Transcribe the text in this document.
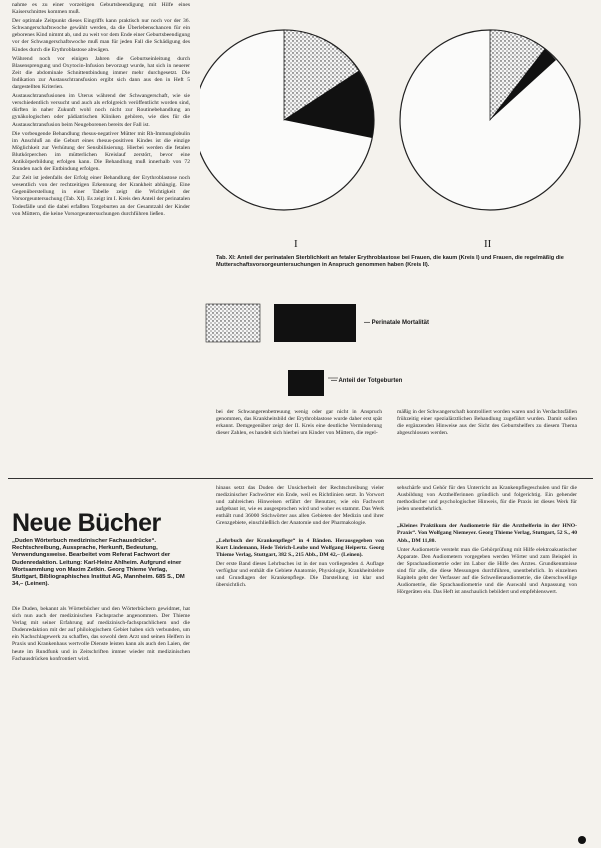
nahme es zu einer vorzeitigen Geburtsbeendigung mit Hilfe eines Kaiserschnittes kommen muß.

Der optimale Zeitpunkt dieses Eingriffs kann praktisch nur noch vor der 36. Schwangerschaftswoche gewählt werden, da die Überlebenschancen für ein geborenes Kind nimmt ab, und zu weit vor dem Ende einer Geburtsbeendigung vor der Schwangerschaftswoche muß man für jeden Fall die Schädigung des Kindes durch die Erythroblastose abwägen.

Während noch vor einigen Jahren die Geburtseinleitung durch Blasensprengung und Oxytocin-Infusion bevorzugt wurde, hat sich in neuerer Zeit die abdominale Schnittentbindung immer mehr durchgesetzt. Die Indikation zur Austauschtransfusion ergibt sich dann aus den in Heft 5 dargestellten Kriterien.

Austauschtransfusionen im Uterus während der Schwangerschaft, wie sie verschiedentlich versucht und auch als erfolgreich veröffentlicht worden sind, dürften in naher Zukunft wohl noch nicht zur Routinebehandlung an gynäkologischen oder pädiatrischen Kliniken gehören, wie dies für die Austauschtransfusion beim Neugeborenen bereits der Fall ist.

Die vorbeugende Behandlung rhesus-negativer Mütter mit Rh-Immunglobulin im Anschluß an die Geburt eines rhesus-positiven Kindes ist die einzige Möglichkeit zur Verhütung der Sensibilisierung. Hierbei werden die fetalen Blutkörperchen im mütterlichen Kreislauf zerstört, bevor eine Antikörperbildung erfolgen kann. Die Behandlung muß innerhalb von 72 Stunden nach der Entbindung erfolgen.

Zur Zeit ist jedenfalls der Erfolg einer Behandlung der Erythroblastose noch wesentlich von der rechtzeitigen Erkennung der Krankheit abhängig. Eine Gegenüberstellung in einer Tabelle zeigt die Wichtigkeit der Vorsorgeuntersuchung (Tab. XI). Es zeigt im I. Kreis den Anteil der perinatalen Todesfälle und die dabei erfaßten Totgeburten an der Gesamtzahl der Kinder von Müttern, die keine Vorsorgeuntersuchungen durchführen ließen.

I	II
Tab. XI: Anteil der perinatalen Sterblichkeit an fetaler Erythroblastose bei Frauen, die kaum (Kreis I) und Frauen, die regelmäßig die Mutterschaftsvorsorgeuntersuchungen in Anspruch genommen haben (Kreis II).
— Perinatale Mortalität
— Anteil der Totgeburten

bei der Schwangerenbetreuung wenig oder gar nicht in Anspruch genommen, das Krankheitsbild der Erythroblastose wurde daher erst spät erkannt. Demgegenüber zeigt der II. Kreis eine deutliche Verminderung dieser Zahlen, es handelt sich hierbei um Kinder von Müttern, die regel-

mäßig in der Schwangerschaft kontrolliert worden waren und in Verdachtsfällen frühzeitig einer spezialärztlichen Behandlung zugeführt wurden. Damit sollen die ergänzenden Hinweise aus der Sicht des Geburtshelfers zu diesem Thema abgeschlossen werden.

Neue Bücher
„Duden Wörterbuch medizinischer Fachausdrücke“. Rechtschreibung, Aussprache, Herkunft, Bedeutung, Verwendungsweise. Bearbeitet vom Referat Fachwort der Dudenredaktion. Leitung: Karl-Heinz Ahlheim. Aufgrund einer Wortsammlung von Maxim Zetkin. Georg Thieme Verlag, Stuttgart, Bibliographisches Institut AG, Mannheim. 685 S., DM 34,– (Leinen).

Die Duden, bekannt als Wörterbücher und den Wörterbüchern gewidmet, hat sich nun auch der medizinischen Fachsprache angenommen. Der Thieme Verlag mit seiner Erfahrung auf medizinisch-fachsprachlichem und die Dudenredaktion mit der auf philologischem Gebiet haben sich verbunden, um ein Nachschlagewerk zu schaffen, das sowohl dem Arzt und seinen Helfern in Praxis und Krankenhaus wertvolle Dienste leisten kann als auch den Laien, der heute im Rundfunk und in Zeitschriften immer wieder mit medizinischen Fachausdrücken konfrontiert wird.

hinaus setzt das Duden der Unsicherheit der Rechtschreibung vieler medizinischer Fachwörter ein Ende, weil es Richtlinien setzt. In Vorwort und zahlreichen Hinweisen erfährt der Benutzer, wie ein Fachwort aufgebaut ist, wie es ausgesprochen wird und woher es stammt. Das Werk enthält rund 36000 Stichwörter aus allen Gebieten der Medizin und ihrer Grenzgebiete, einschließlich der Anatomie und der Pharmakologie.

„Lehrbuch der Krankenpflege“ in 4 Bänden. Herausgegeben von Kurt Lindemann, Hede Teirich-Leube und Wolfgang Heipertz. Georg Thieme Verlag, Stuttgart, 382 S., 215 Abb., DM 42,– (Leinen).

Der erste Band dieses Lehrbuches ist in der nun vorliegenden 4. Auflage verfügbar und enthält die Gebiete Anatomie, Physiologie, Krankheitslehre und Grundlagen der Krankenpflege. Die Darstellung ist klar und übersichtlich.

sehschärfe und Gehör für den Unterricht an Krankenpflegeschulen und für die Ausbildung von Arzthelferinnen gründlich und folgerichtig. Ein gehender methodischer und psychologischer Hinweis, für die Praxis ist dieses Werk für jeden unentbehrlich.

„Kleines Praktikum der Audiometrie für die Arzthelferin in der HNO-Praxis“. Von Wolfgang Niemeyer. Georg Thieme Verlag, Stuttgart, 52 S., 40 Abb., DM 11,80.

Unter Audiometrie versteht man die Gehörprüfung mit Hilfe elektroakustischer Apparate. Den Audiometern vorgegeben werden Wörter und zum Beispiel in der Sprachaudiometrie oder im Labor die Hilfe des Arztes. Grundkenntnisse sind für alle, die diese Messungen durchführen, unentbehrlich. In einzelnen Kapiteln geht der Verfasser auf die Schwellenaudiometrie, die überschwellige Audiometrie, die Sprachaudiometrie und die Auswahl und Anpassung von Hörgeräten ein. Das Heft ist anschaulich bebildert und empfehlenswert.
